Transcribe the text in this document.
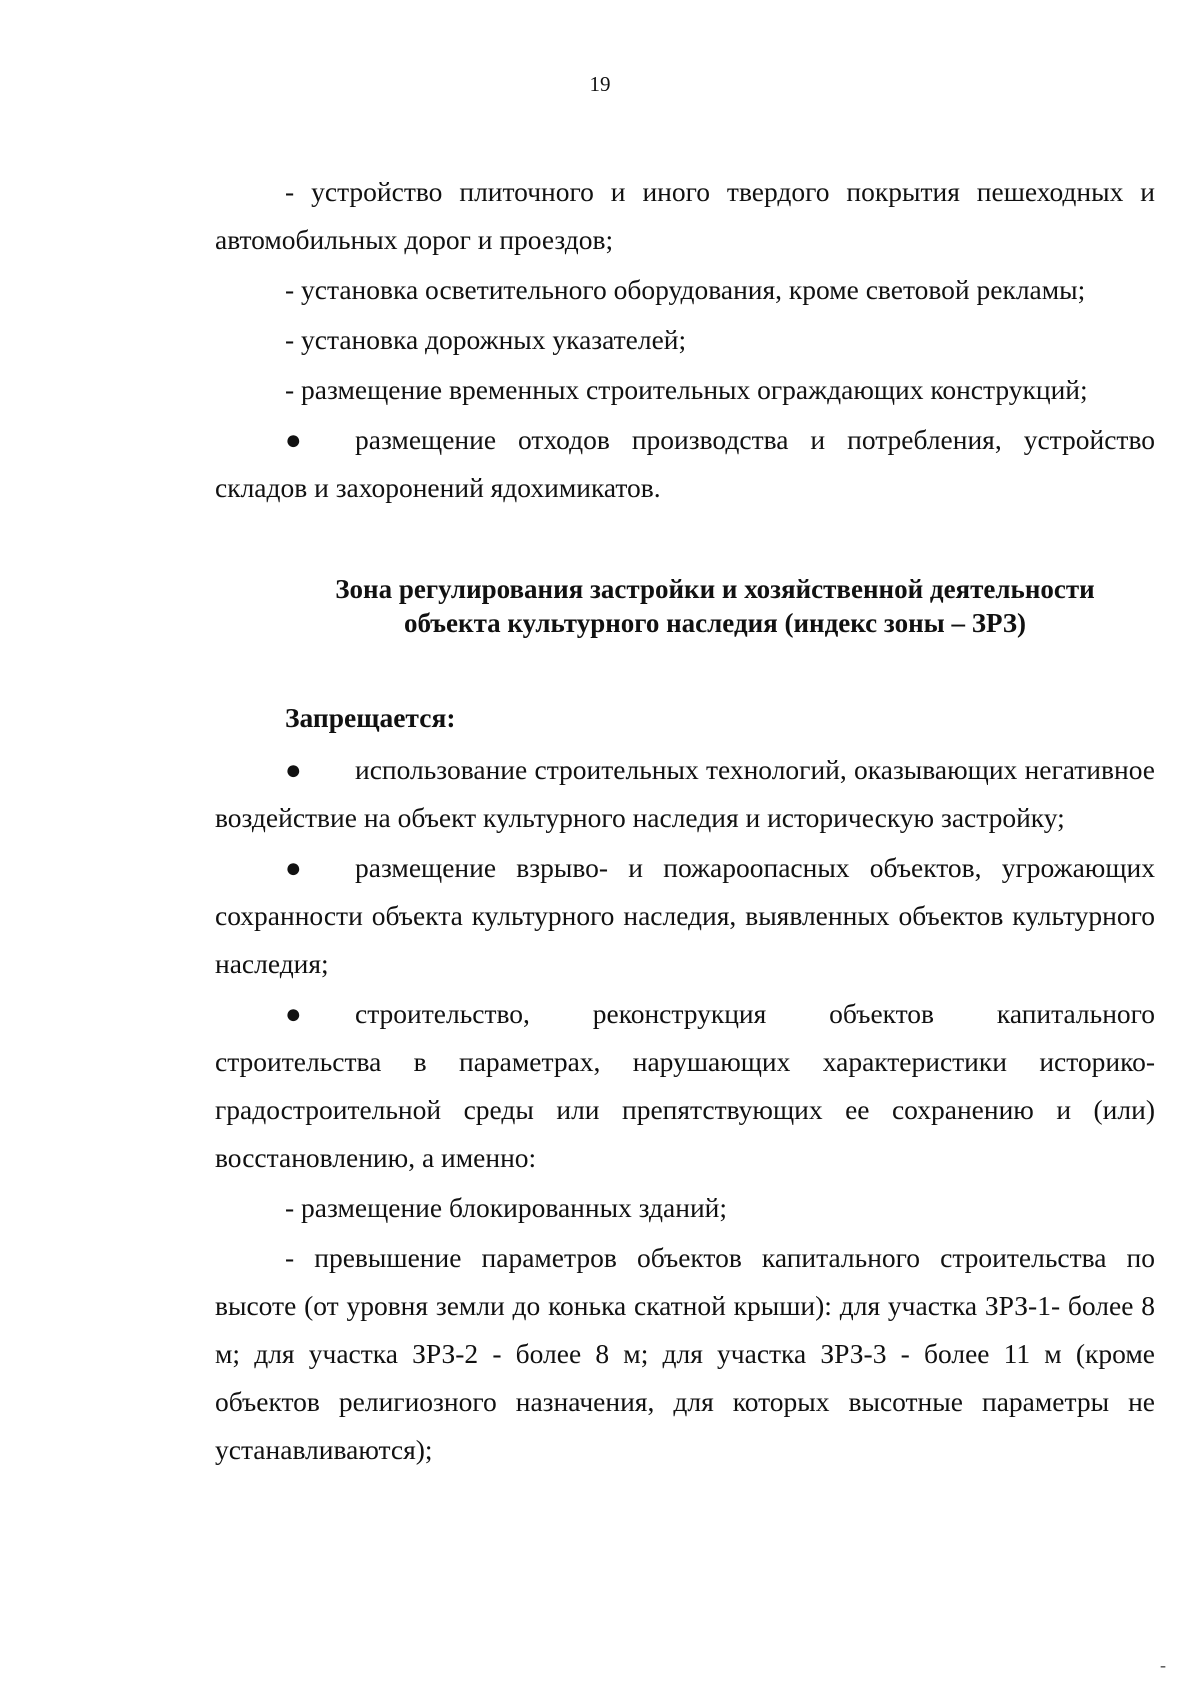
19

- устройство плиточного и иного твердого покрытия пешеходных и автомобильных дорог и проездов;

- установка осветительного оборудования, кроме световой рекламы;

- установка дорожных указателей;

- размещение временных строительных ограждающих конструкций;

● размещение отходов производства и потребления, устройство складов и захоронений ядохимикатов.

Зона регулирования застройки и хозяйственной деятельности
объекта культурного наследия (индекс зоны – ЗРЗ)

Запрещается:

● использование строительных технологий, оказывающих негативное воздействие на объект культурного наследия и историческую застройку;

● размещение взрыво- и пожароопасных объектов, угрожающих сохранности объекта культурного наследия, выявленных объектов культурного наследия;

● строительство, реконструкция объектов капитального строительства в параметрах, нарушающих характеристики историко-градостроительной среды или препятствующих ее сохранению и (или) восстановлению, а именно:

- размещение блокированных зданий;

- превышение параметров объектов капитального строительства по высоте (от уровня земли до конька скатной крыши): для участка ЗРЗ-1- более 8 м; для участка ЗРЗ-2 - более 8 м; для участка ЗРЗ-3 - более 11 м (кроме объектов религиозного назначения, для которых высотные параметры не устанавливаются);

‐
